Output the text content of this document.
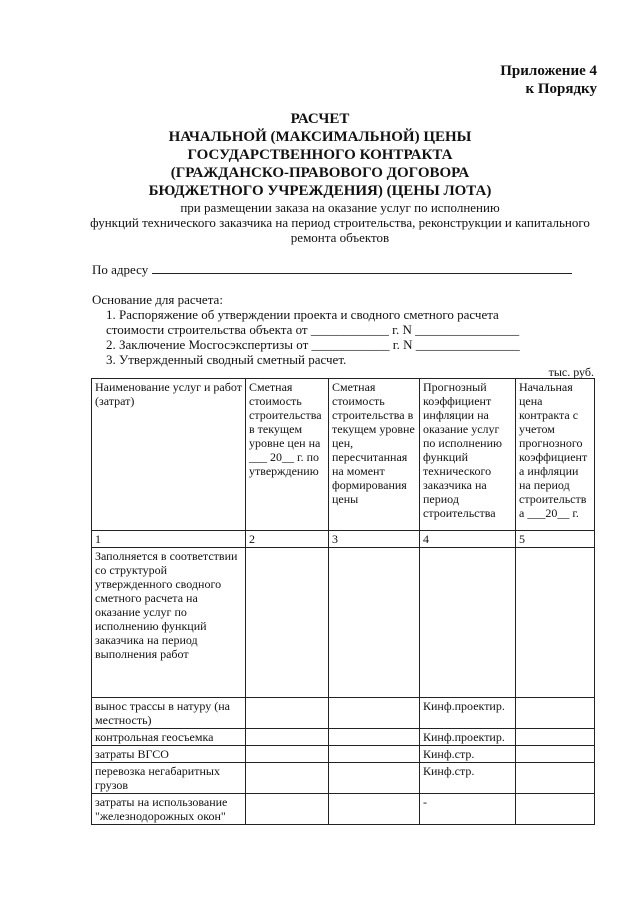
Приложение 4
к Порядку
РАСЧЕТ
НАЧАЛЬНОЙ (МАКСИМАЛЬНОЙ) ЦЕНЫ
ГОСУДАРСТВЕННОГО КОНТРАКТА
(ГРАЖДАНСКО-ПРАВОВОГО ДОГОВОРА
БЮДЖЕТНОГО УЧРЕЖДЕНИЯ) (ЦЕНЫ ЛОТА)
при размещении заказа на оказание услуг по исполнению
функций технического заказчика на период строительства, реконструкции и капитального
ремонта объектов
По адресу
Основание для расчета:
1. Распоряжение об утверждении проекта и сводного сметного расчета
стоимости строительства объекта от ____________ г. N ________________
2. Заключение Мосгосэкспертизы от ____________ г. N ________________
3. Утвержденный сводный сметный расчет.
тыс. руб.
Наименование услуг и работ (затрат)	Сметная стоимость строительства в текущем уровне цен на ___ 20__ г. по утверждению	Сметная стоимость строительства в текущем уровне цен, пересчитанная на момент формирования цены	Прогнозный коэффициент инфляции на оказание услуг по исполнению функций технического заказчика на период строительства	Начальная цена контракта с учетом прогнозного коэффициента инфляции на период строительства ___20__ г.
1	2	3	4	5
Заполняется в соответствии со структурой утвержденного сводного сметного расчета на оказание услуг по исполнению функций заказчика на период выполнения работ				
вынос трассы в натуру (на местность)			Кинф.проектир.	
контрольная геосъемка			Кинф.проектир.	
затраты ВГСО			Кинф.стр.	
перевозка негабаритных грузов			Кинф.стр.	
затраты на использование "железнодорожных окон"			-	
